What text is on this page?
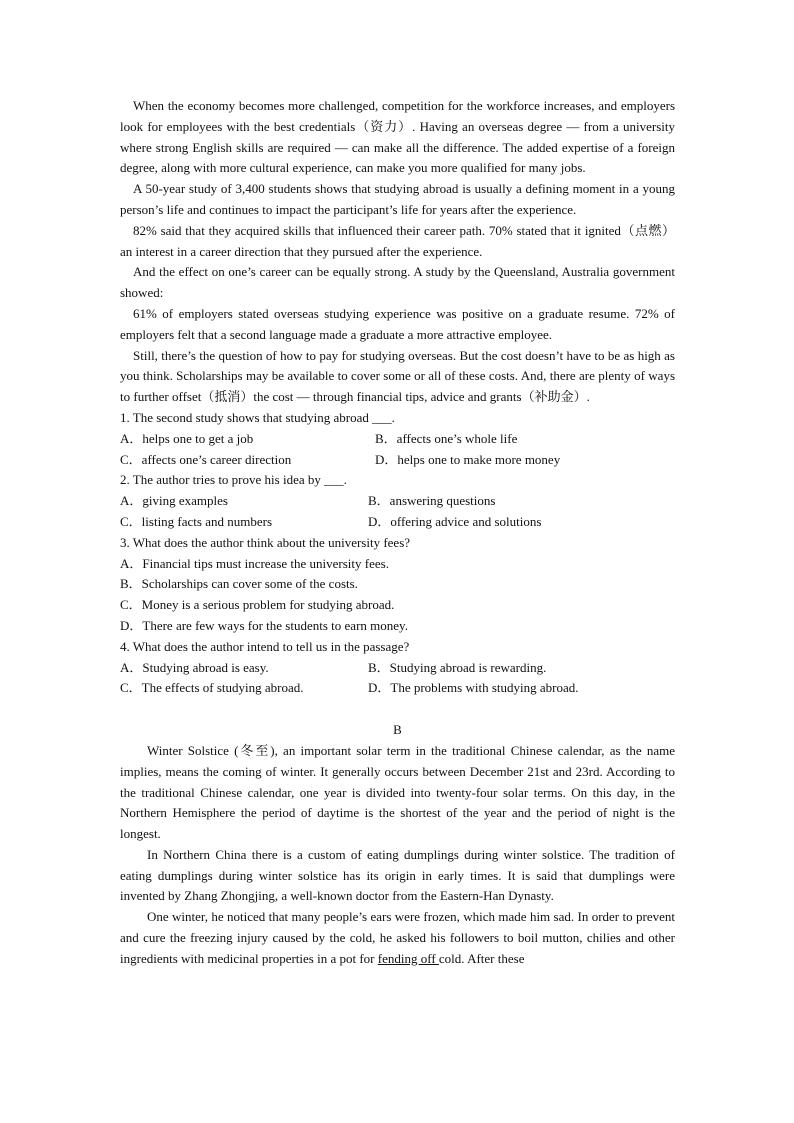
When the economy becomes more challenged, competition for the workforce increases, and employers look for employees with the best credentials（资力）. Having an overseas degree — from a university where strong English skills are required — can make all the difference. The added expertise of a foreign degree, along with more cultural experience, can make you more qualified for many jobs.

A 50-year study of 3,400 students shows that studying abroad is usually a defining moment in a young person’s life and continues to impact the participant’s life for years after the experience.

82% said that they acquired skills that influenced their career path. 70% stated that it ignited（点燃）an interest in a career direction that they pursued after the experience.

And the effect on one’s career can be equally strong. A study by the Queensland, Australia government showed:

61% of employers stated overseas studying experience was positive on a graduate resume. 72% of employers felt that a second language made a graduate a more attractive employee.

Still, there’s the question of how to pay for studying overseas. But the cost doesn’t have to be as high as you think. Scholarships may be available to cover some or all of these costs. And, there are plenty of ways to further offset（抵消）the cost — through financial tips, advice and grants（补助金）.

1. The second study shows that studying abroad ___.

A．helps one to get a job	B．affects one’s whole life
C．affects one’s career direction	D．helps one to make more money

2. The author tries to prove his idea by ___.

A．giving examples	B．answering questions
C．listing facts and numbers	D．offering advice and solutions

3. What does the author think about the university fees?

A．Financial tips must increase the university fees.

B．Scholarships can cover some of the costs.

C．Money is a serious problem for studying abroad.

D．There are few ways for the students to earn money.

4. What does the author intend to tell us in the passage?

A．Studying abroad is easy.	B．Studying abroad is rewarding.
C．The effects of studying abroad.	D．The problems with studying abroad.

B

Winter Solstice (冬至), an important solar term in the traditional Chinese calendar, as the name implies, means the coming of winter. It generally occurs between December 21st and 23rd. According to the traditional Chinese calendar, one year is divided into twenty-four solar terms. On this day, in the Northern Hemisphere the period of daytime is the shortest of the year and the period of night is the longest.

In Northern China there is a custom of eating dumplings during winter solstice. The tradition of eating dumplings during winter solstice has its origin in early times. It is said that dumplings were invented by Zhang Zhongjing, a well-known doctor from the Eastern-Han Dynasty.

One winter, he noticed that many people’s ears were frozen, which made him sad. In order to prevent and cure the freezing injury caused by the cold, he asked his followers to boil mutton, chilies and other ingredients with medicinal properties in a pot for fending off cold. After these
